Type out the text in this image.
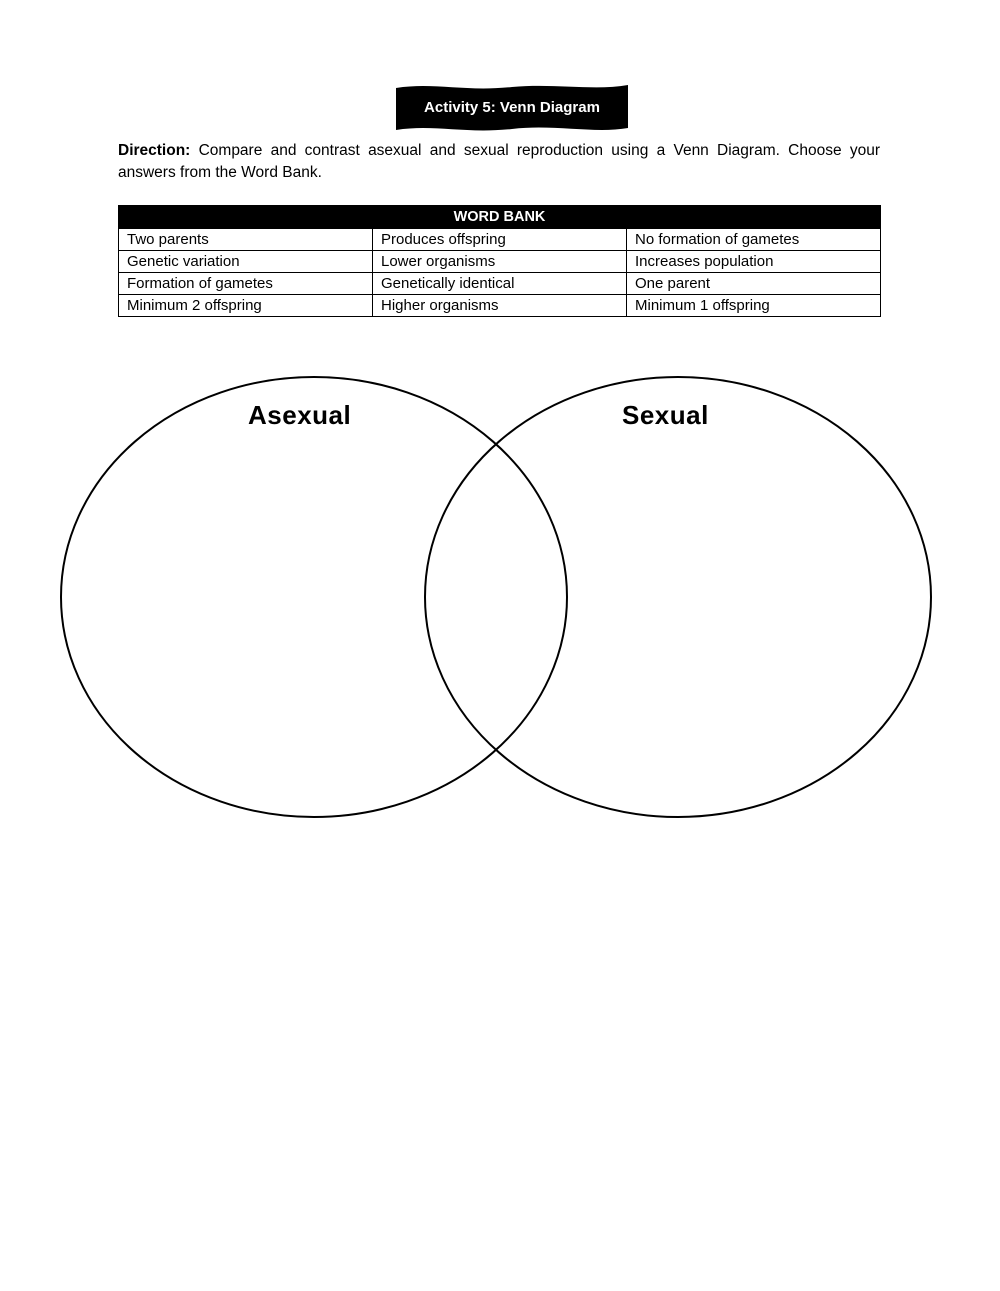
Activity 5: Venn Diagram
Direction: Compare and contrast asexual and sexual reproduction using a Venn Diagram. Choose your answers from the Word Bank.
WORD BANK		
Two parents	Produces offspring	No formation of gametes
Genetic variation	Lower organisms	Increases population
Formation of gametes	Genetically identical	One parent
Minimum 2 offspring	Higher organisms	Minimum 1 offspring
Asexual	Sexual
